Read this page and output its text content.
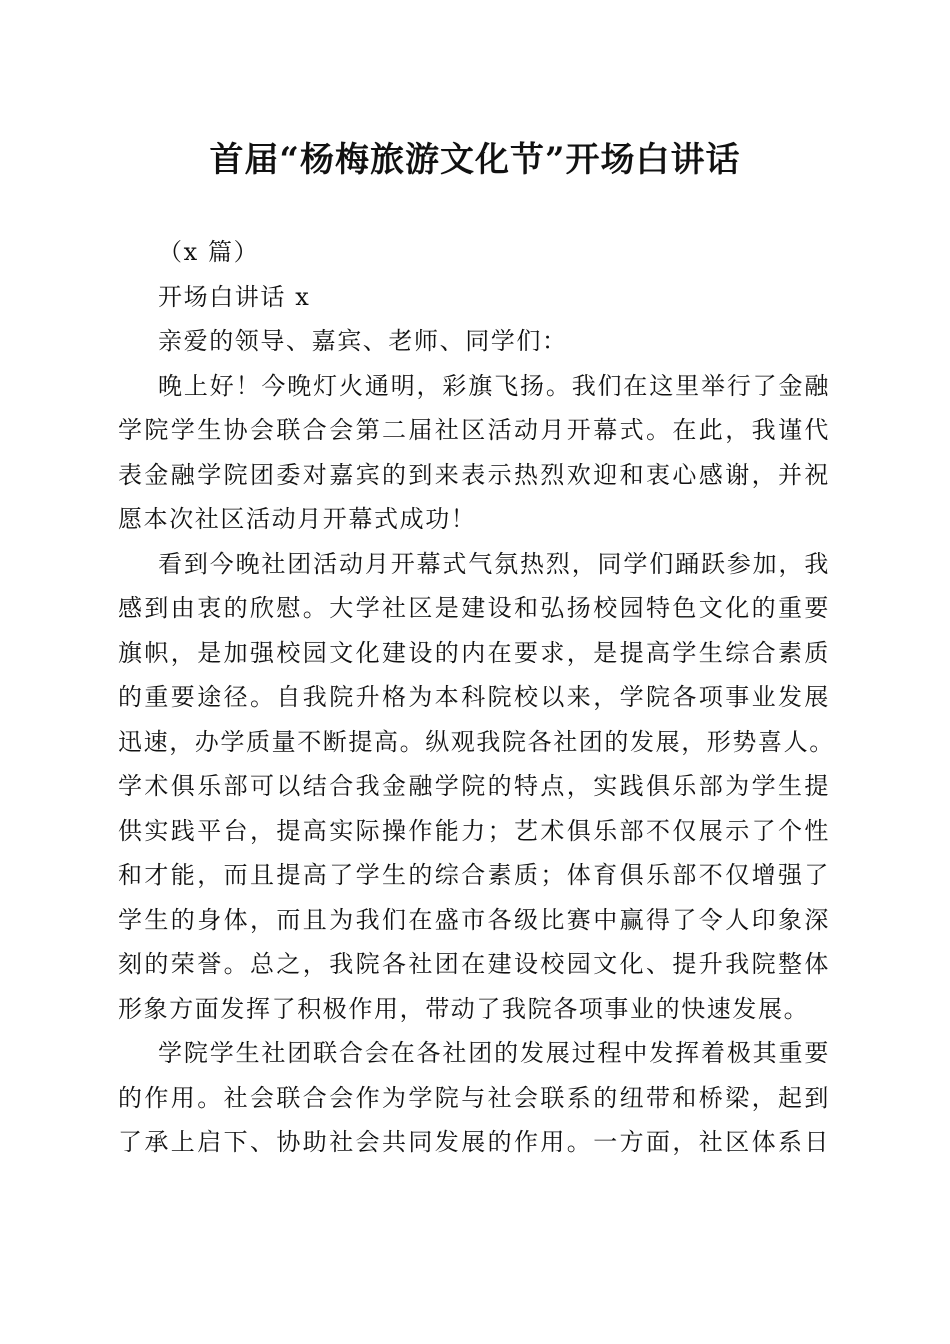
首届“杨梅旅游文化节”开场白讲话

（x 篇）

开场白讲话 x

亲爱的领导、嘉宾、老师、同学们：

晚上好！今晚灯火通明，彩旗飞扬。我们在这里举行了金融

学院学生协会联合会第二届社区活动月开幕式。在此，我谨代

表金融学院团委对嘉宾的到来表示热烈欢迎和衷心感谢，并祝

愿本次社区活动月开幕式成功！

看到今晚社团活动月开幕式气氛热烈，同学们踊跃参加，我

感到由衷的欣慰。大学社区是建设和弘扬校园特色文化的重要

旗帜，是加强校园文化建设的内在要求，是提高学生综合素质

的重要途径。自我院升格为本科院校以来，学院各项事业发展

迅速，办学质量不断提高。纵观我院各社团的发展，形势喜人。

学术俱乐部可以结合我金融学院的特点，实践俱乐部为学生提

供实践平台，提高实际操作能力；艺术俱乐部不仅展示了个性

和才能，而且提高了学生的综合素质；体育俱乐部不仅增强了

学生的身体，而且为我们在盛市各级比赛中赢得了令人印象深

刻的荣誉。总之，我院各社团在建设校园文化、提升我院整体

形象方面发挥了积极作用，带动了我院各项事业的快速发展。

学院学生社团联合会在各社团的发展过程中发挥着极其重要

的作用。社会联合会作为学院与社会联系的纽带和桥梁，起到

了承上启下、协助社会共同发展的作用。一方面，社区体系日
